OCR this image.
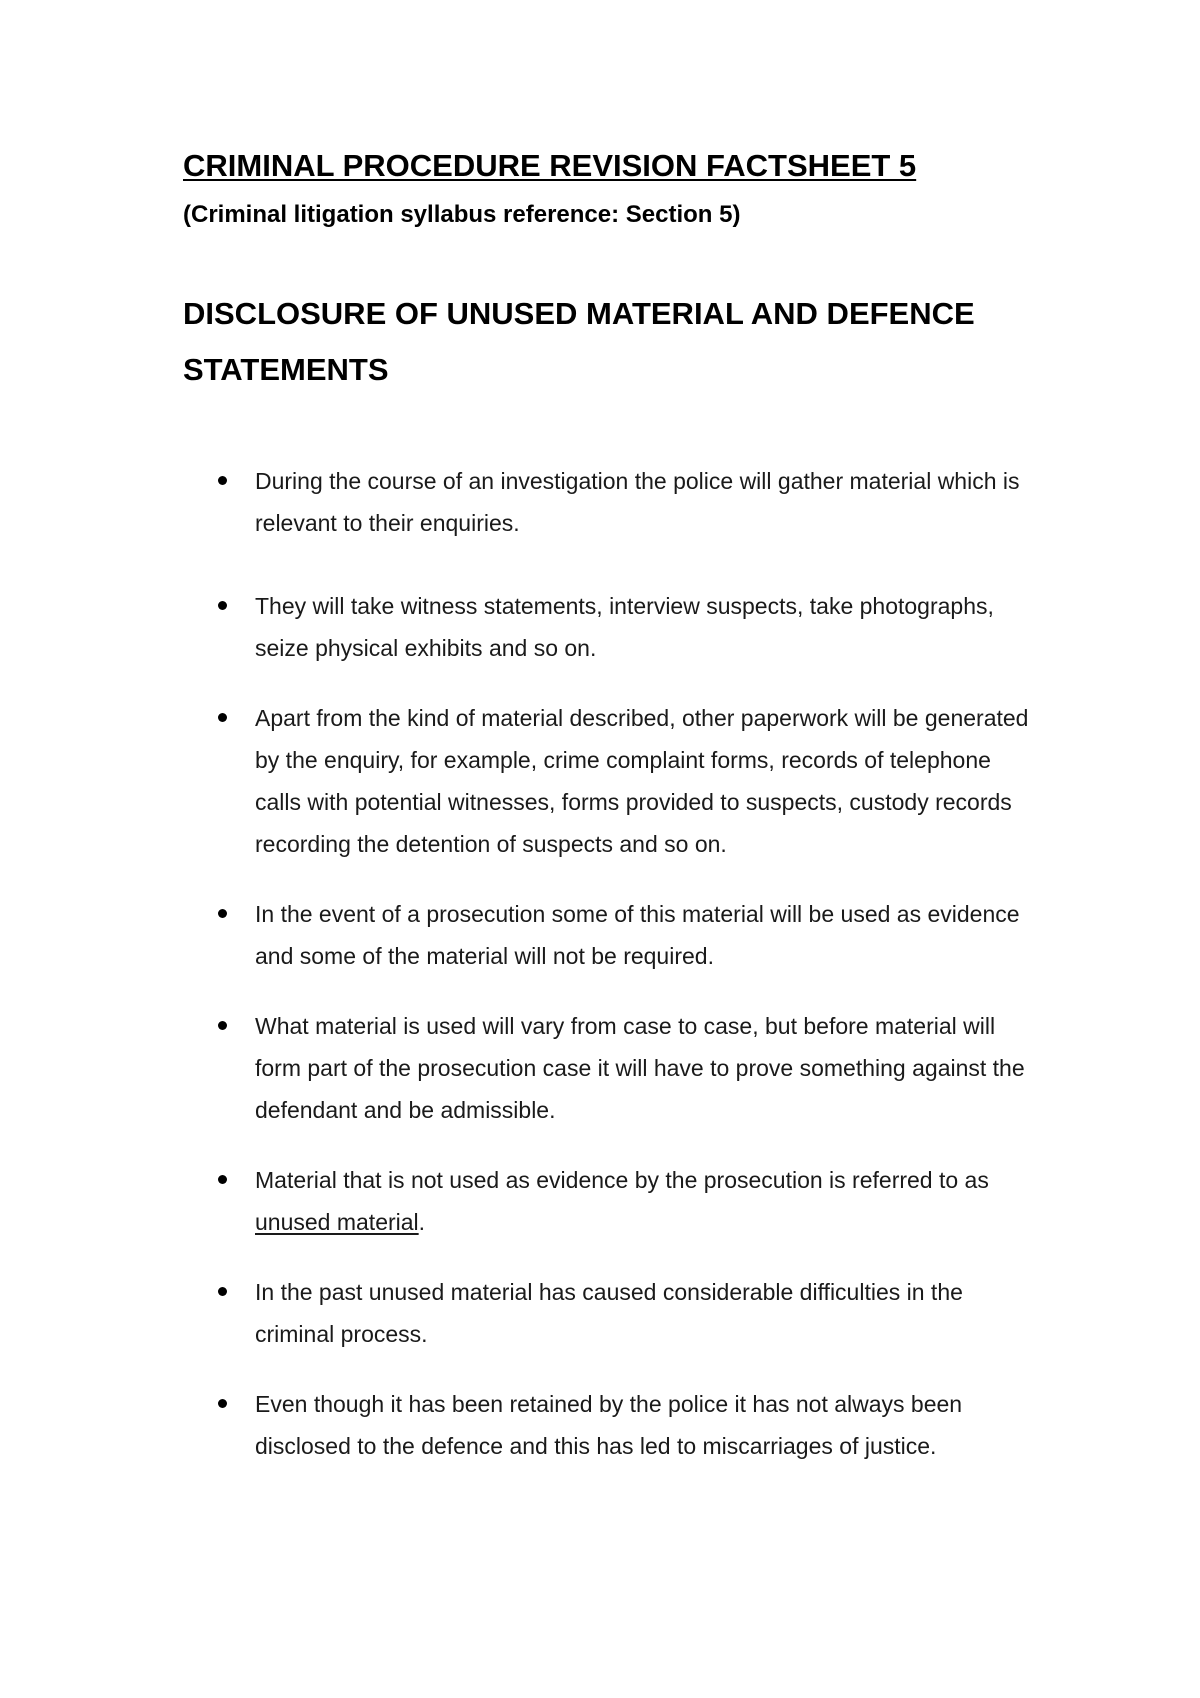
CRIMINAL PROCEDURE REVISION FACTSHEET 5
(Criminal litigation syllabus reference: Section 5)
DISCLOSURE OF UNUSED MATERIAL AND DEFENCE STATEMENTS
During the course of an investigation the police will gather material which is relevant to their enquiries.
They will take witness statements, interview suspects, take photographs, seize physical exhibits and so on.
Apart from the kind of material described, other paperwork will be generated by the enquiry, for example, crime complaint forms, records of telephone calls with potential witnesses, forms provided to suspects, custody records recording the detention of suspects and so on.
In the event of a prosecution some of this material will be used as evidence and some of the material will not be required.
What material is used will vary from case to case, but before material will form part of the prosecution case it will have to prove something against the defendant and be admissible.
Material that is not used as evidence by the prosecution is referred to as unused material.
In the past unused material has caused considerable difficulties in the criminal process.
Even though it has been retained by the police it has not always been disclosed to the defence and this has led to miscarriages of justice.
